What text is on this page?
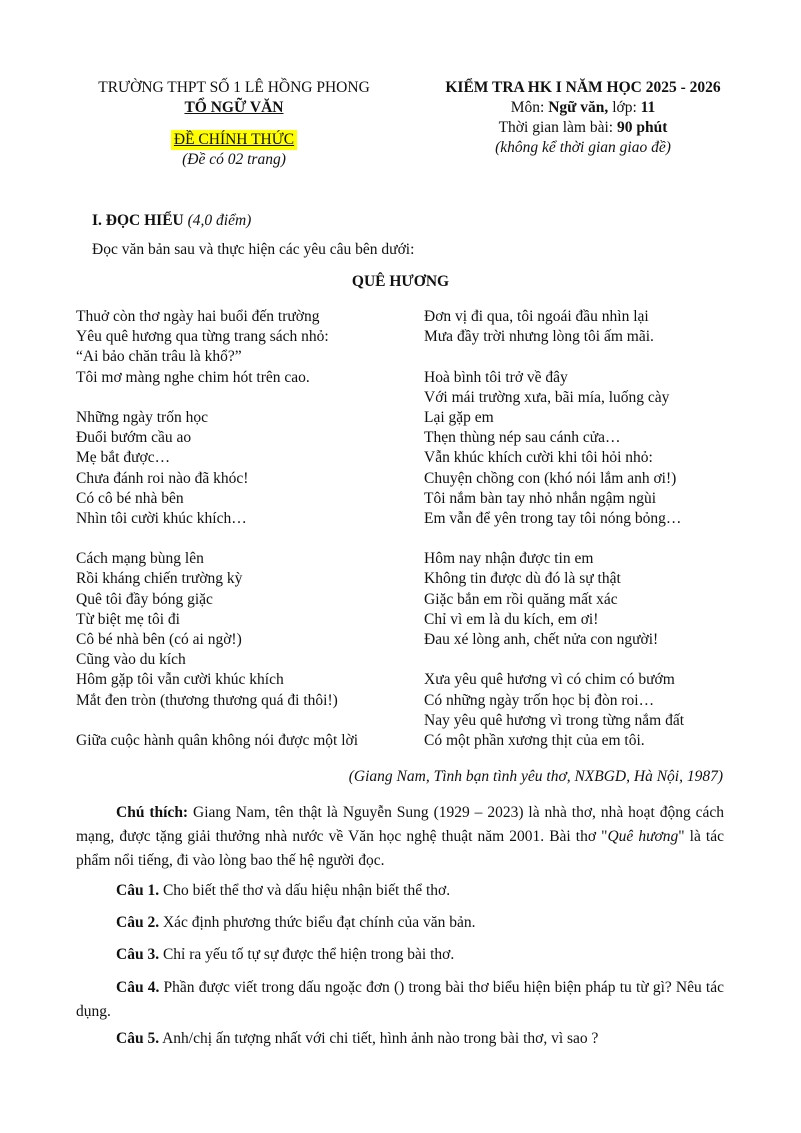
TRƯỜNG THPT SỐ 1 LÊ HỒNG PHONG
TỔ NGỮ VĂN
ĐỀ CHÍNH THỨC
(Đề có 02 trang)
KIỂM TRA HK I NĂM HỌC 2025 - 2026
Môn: Ngữ văn, lớp: 11
Thời gian làm bài: 90 phút
(không kể thời gian giao đề)
I. ĐỌC HIỂU (4,0 điểm)
Đọc văn bản sau và thực hiện các yêu câu bên dưới:
QUÊ HƯƠNG
Thuở còn thơ ngày hai buổi đến trường
Yêu quê hương qua từng trang sách nhỏ:
“Ai bảo chăn trâu là khổ?”
Tôi mơ màng nghe chim hót trên cao.
Những ngày trốn học
Đuổi bướm cầu ao
Mẹ bắt được…
Chưa đánh roi nào đã khóc!
Có cô bé nhà bên
Nhìn tôi cười khúc khích…
Cách mạng bùng lên
Rồi kháng chiến trường kỳ
Quê tôi đầy bóng giặc
Từ biệt mẹ tôi đi
Cô bé nhà bên (có ai ngờ!)
Cũng vào du kích
Hôm gặp tôi vẫn cười khúc khích
Mắt đen tròn (thương thương quá đi thôi!)
Giữa cuộc hành quân không nói được một lời
Đơn vị đi qua, tôi ngoái đầu nhìn lại
Mưa đầy trời nhưng lòng tôi ấm mãi.
Hoà bình tôi trở về đây
Với mái trường xưa, bãi mía, luống cày
Lại gặp em
Thẹn thùng nép sau cánh cửa…
Vẫn khúc khích cười khi tôi hỏi nhỏ:
Chuyện chồng con (khó nói lắm anh ơi!)
Tôi nắm bàn tay nhỏ nhắn ngậm ngùi
Em vẫn để yên trong tay tôi nóng bỏng…
Hôm nay nhận được tin em
Không tin được dù đó là sự thật
Giặc bắn em rồi quăng mất xác
Chỉ vì em là du kích, em ơi!
Đau xé lòng anh, chết nửa con người!
Xưa yêu quê hương vì có chim có bướm
Có những ngày trốn học bị đòn roi…
Nay yêu quê hương vì trong từng nắm đất
Có một phần xương thịt của em tôi.
(Giang Nam, Tình bạn tình yêu thơ, NXBGD, Hà Nội, 1987)
Chú thích: Giang Nam, tên thật là Nguyễn Sung (1929 – 2023) là nhà thơ, nhà hoạt động cách mạng, được tặng giải thưởng nhà nước về Văn học nghệ thuật năm 2001. Bài thơ "Quê hương" là tác phẩm nổi tiếng, đi vào lòng bao thế hệ người đọc.
Câu 1. Cho biết thể thơ và dấu hiệu nhận biết thể thơ.
Câu 2. Xác định phương thức biểu đạt chính của văn bản.
Câu 3. Chỉ ra yếu tố tự sự được thể hiện trong bài thơ.
Câu 4. Phần được viết trong dấu ngoặc đơn () trong bài thơ biểu hiện biện pháp tu từ gì? Nêu tác dụng.
Câu 5. Anh/chị ấn tượng nhất với chi tiết, hình ảnh nào trong bài thơ, vì sao ?
